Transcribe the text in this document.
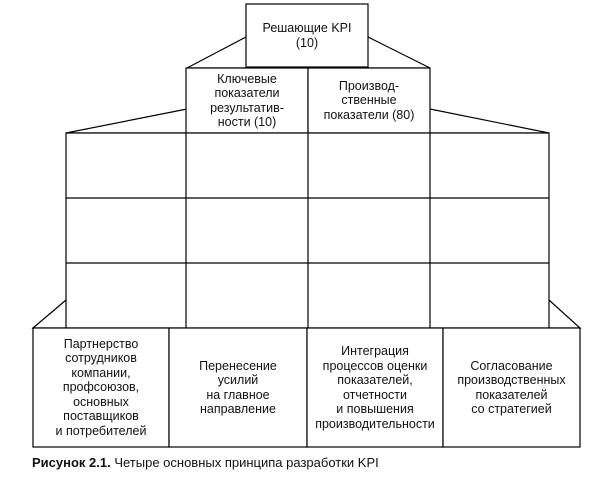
Решающие KPI
(10)
Ключевые
показатели
результатив-
ности (10)
Производ-
ственные
показатели (80)
Партнерство
сотрудников
компании,
профсоюзов,
основных
поставщиков
и потребителей
Перенесение
усилий
на главное
направление
Интеграция
процессов оценки
показателей,
отчетности
и повышения
производительности
Согласование
производственных
показателей
со стратегией
Рисунок 2.1. Четыре основных принципа разработки KPI
